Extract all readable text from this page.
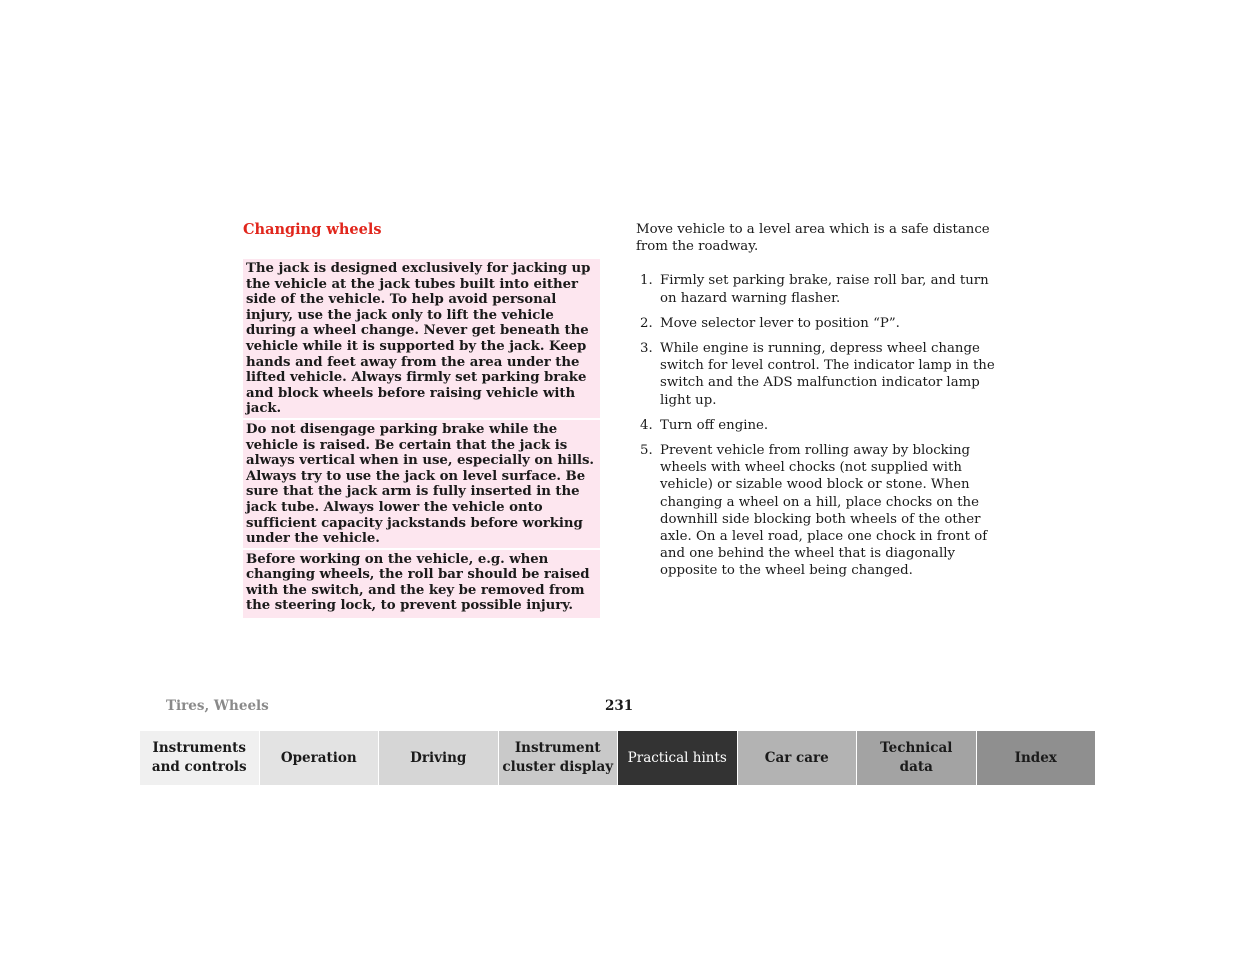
Changing wheels
The jack is designed exclusively for jacking up the vehicle at the jack tubes built into either side of the vehicle. To help avoid personal injury, use the jack only to lift the vehicle during a wheel change. Never get beneath the vehicle while it is supported by the jack. Keep hands and feet away from the area under the lifted vehicle. Always firmly set parking brake and block wheels before raising vehicle with jack.
Do not disengage parking brake while the vehicle is raised. Be certain that the jack is always vertical when in use, especially on hills. Always try to use the jack on level surface. Be sure that the jack arm is fully inserted in the jack tube. Always lower the vehicle onto sufficient capacity jackstands before working under the vehicle.
Before working on the vehicle, e.g. when changing wheels, the roll bar should be raised with the switch, and the key be removed from the steering lock, to prevent possible injury.

Move vehicle to a level area which is a safe distance from the roadway.

1. Firmly set parking brake, raise roll bar, and turn on hazard warning flasher.
2. Move selector lever to position “P”.
3. While engine is running, depress wheel change switch for level control. The indicator lamp in the switch and the ADS malfunction indicator lamp light up.
4. Turn off engine.
5. Prevent vehicle from rolling away by blocking wheels with wheel chocks (not supplied with vehicle) or sizable wood block or stone. When changing a wheel on a hill, place chocks on the downhill side blocking both wheels of the other axle. On a level road, place one chock in front of and one behind the wheel that is diagonally opposite to the wheel being changed.
Tires, Wheels	231
Instruments
and controls
Operation	Driving
Instrument
cluster display
Practical hints	Car care
Technical
data
Index
